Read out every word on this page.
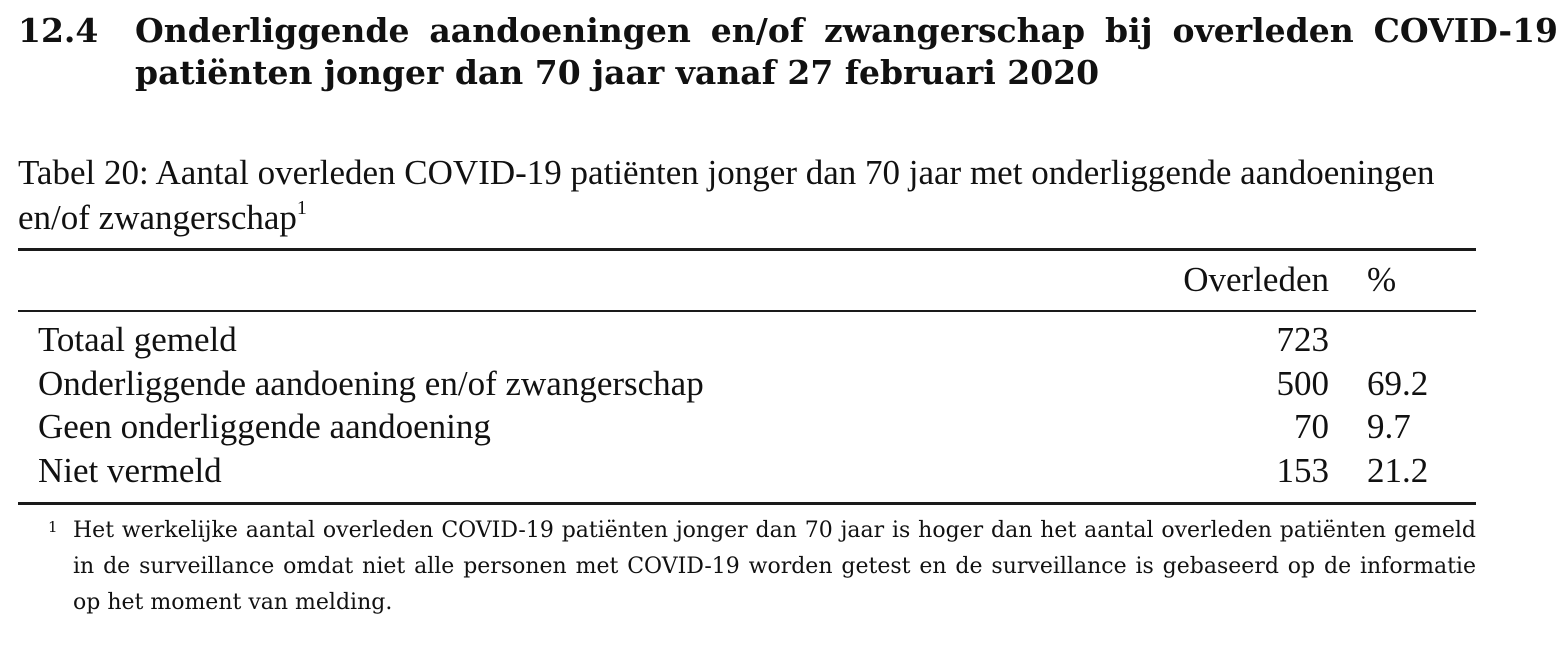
12.4	Onderliggende aandoeningen en/of zwangerschap bij overleden COVID-19 patiënten jonger dan 70 jaar vanaf 27 februari 2020
Tabel 20: Aantal overleden COVID-19 patiënten jonger dan 70 jaar met onderliggende aandoeningen en/of zwangerschap$^1$
Overleden %
Totaal gemeld	723
Onderliggende aandoening en/of zwangerschap	500 69.2
Geen onderliggende aandoening	70 9.7
Niet vermeld	153 21.2
1 Het werkelijke aantal overleden COVID-19 patiënten jonger dan 70 jaar is hoger dan het aantal overleden patiënten gemeld in de surveillance omdat niet alle personen met COVID-19 worden getest en de surveillance is gebaseerd op de informatie op het moment van melding.
